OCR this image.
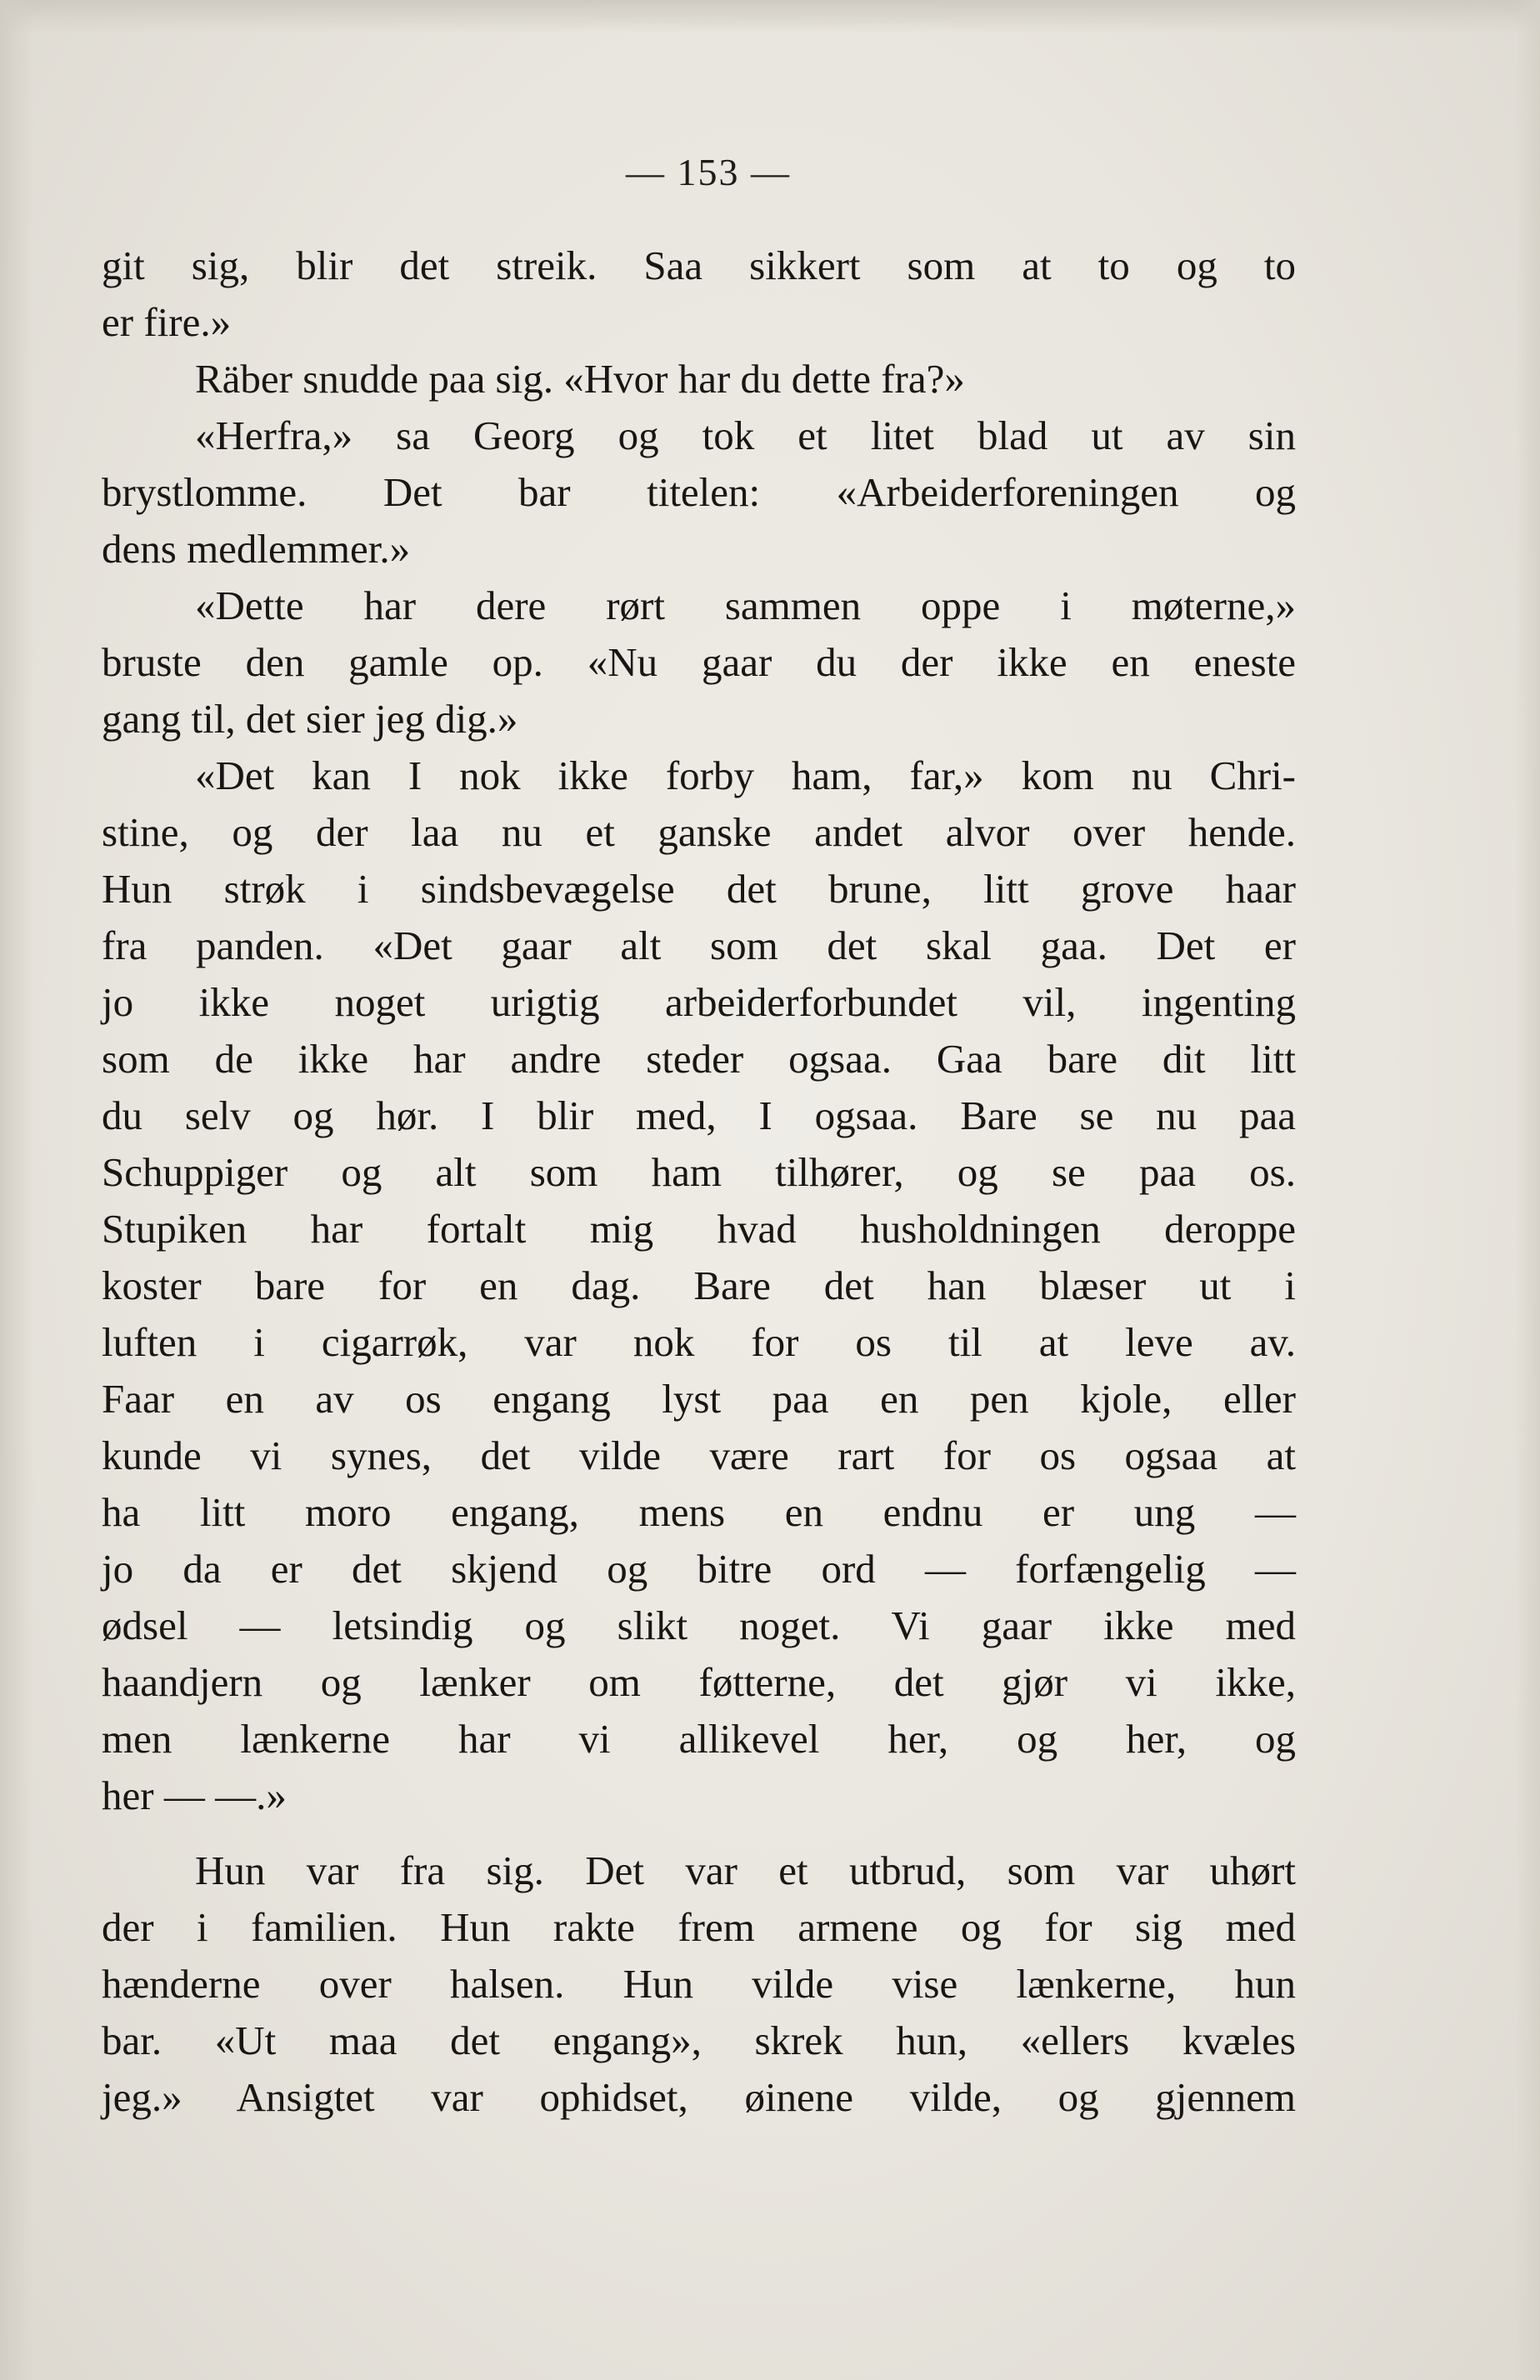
— 153 —
git sig, blir det streik. Saa sikkert som at to og to
er fire.»
Räber snudde paa sig. «Hvor har du dette fra?»
«Herfra,» sa Georg og tok et litet blad ut av sin
brystlomme. Det bar titelen: «Arbeiderforeningen og
dens medlemmer.»
«Dette har dere rørt sammen oppe i møterne,»
bruste den gamle op. «Nu gaar du der ikke en eneste
gang til, det sier jeg dig.»
«Det kan I nok ikke forby ham, far,» kom nu Chri-
stine, og der laa nu et ganske andet alvor over hende.
Hun strøk i sindsbevægelse det brune, litt grove haar
fra panden. «Det gaar alt som det skal gaa. Det er
jo ikke noget urigtig arbeiderforbundet vil, ingenting
som de ikke har andre steder ogsaa. Gaa bare dit litt
du selv og hør. I blir med, I ogsaa. Bare se nu paa
Schuppiger og alt som ham tilhører, og se paa os.
Stupiken har fortalt mig hvad husholdningen deroppe
koster bare for en dag. Bare det han blæser ut i
luften i cigarrøk, var nok for os til at leve av.
Faar en av os engang lyst paa en pen kjole, eller
kunde vi synes, det vilde være rart for os ogsaa at
ha litt moro engang, mens en endnu er ung —
jo da er det skjend og bitre ord — forfængelig —
ødsel — letsindig og slikt noget. Vi gaar ikke med
haandjern og lænker om føtterne, det gjør vi ikke,
men lænkerne har vi allikevel her, og her, og
her — —.»
Hun var fra sig. Det var et utbrud, som var uhørt
der i familien. Hun rakte frem armene og for sig med
hænderne over halsen. Hun vilde vise lænkerne, hun
bar. «Ut maa det engang», skrek hun, «ellers kvæles
jeg.» Ansigtet var ophidset, øinene vilde, og gjennem
